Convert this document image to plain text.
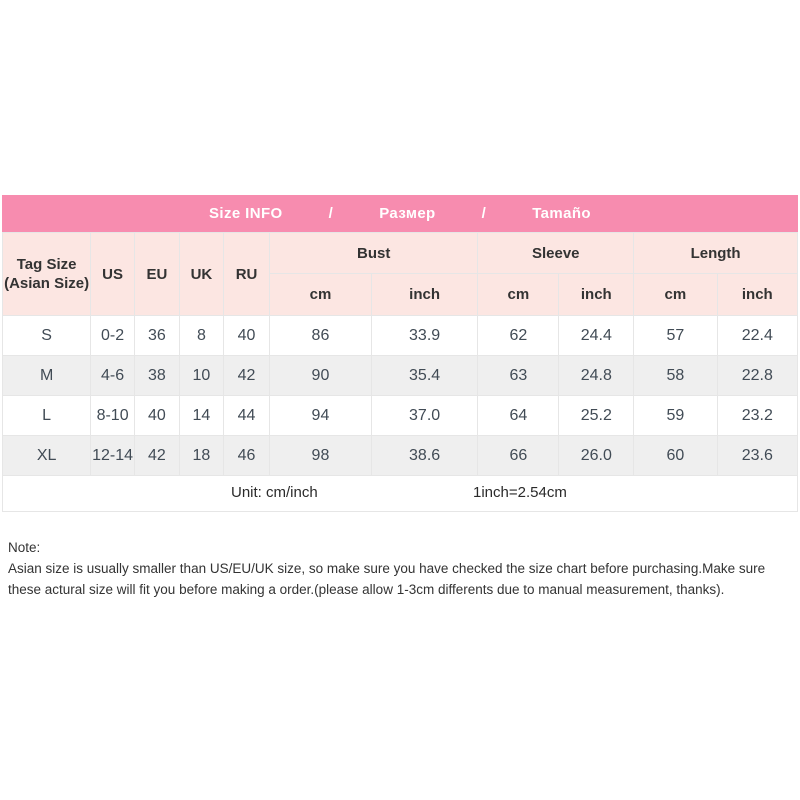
Size INFO	/	Размер	/	Tamaño
Tag Size
(Asian Size)	US	EU	UK	RU	Bust		Sleeve		Length	
					cm	inch	cm	inch	cm	inch
S	0-2	36	8	40	86	33.9	62	24.4	57	22.4
M	4-6	38	10	42	90	35.4	63	24.8	58	22.8
L	8-10	40	14	44	94	37.0	64	25.2	59	23.2
XL	12-14	42	18	46	98	38.6	66	26.0	60	23.6

Unit: cm/inch 1inch=2.54cm										
Note:
Asian size is usually smaller than US/EU/UK size, so make sure you have checked the size chart before purchasing.Make sure these actural size will fit you before making a order.(please allow 1-3cm differents due to manual measurement, thanks).
